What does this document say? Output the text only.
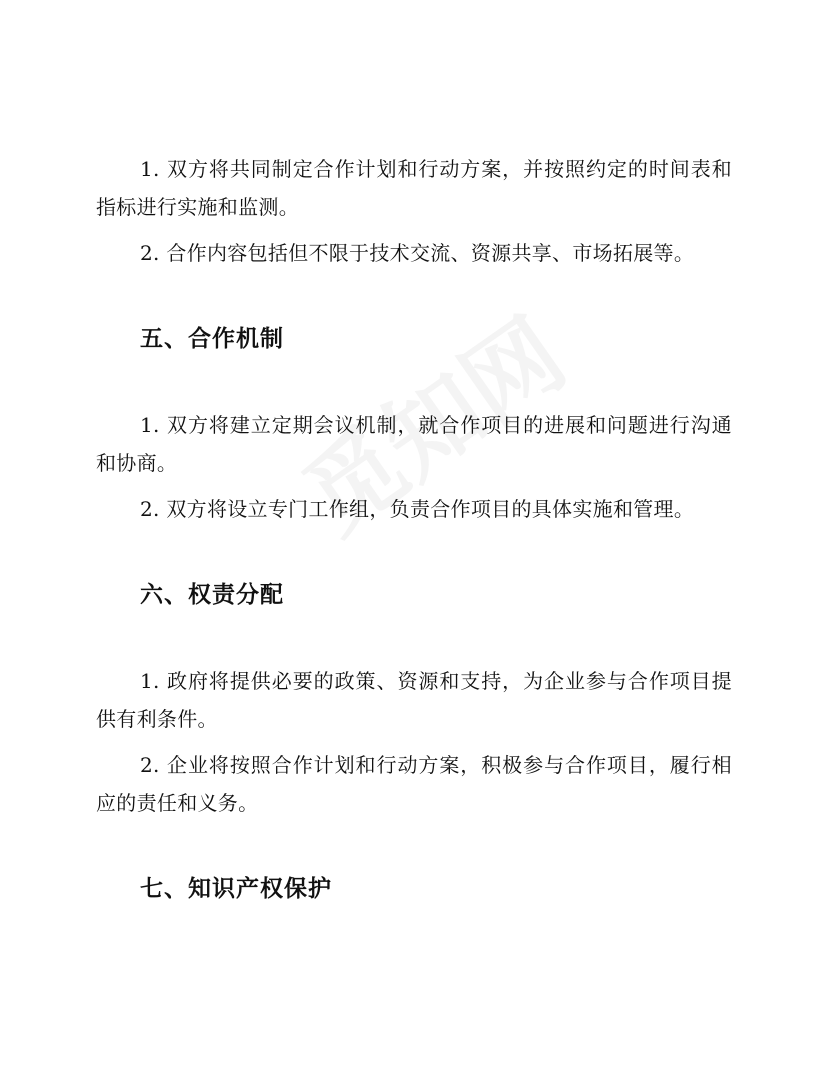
1. 双方将共同制定合作计划和行动方案，并按照约定的时间表和指标进行实施和监测。

2. 合作内容包括但不限于技术交流、资源共享、市场拓展等。

五、合作机制

1. 双方将建立定期会议机制，就合作项目的进展和问题进行沟通和协商。

2. 双方将设立专门工作组，负责合作项目的具体实施和管理。

六、权责分配

1. 政府将提供必要的政策、资源和支持，为企业参与合作项目提供有利条件。

2. 企业将按照合作计划和行动方案，积极参与合作项目，履行相应的责任和义务。

七、知识产权保护
